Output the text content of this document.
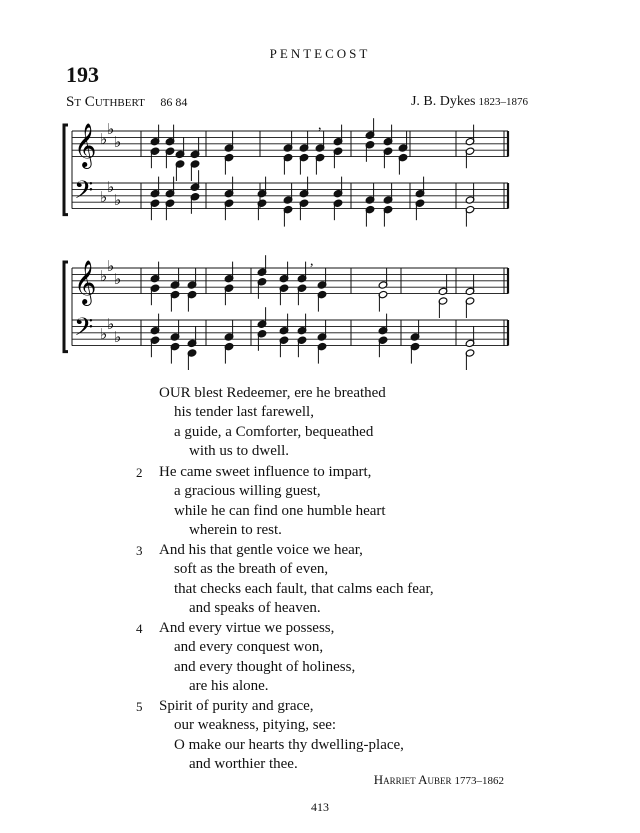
PENTECOST
193
St Cuthbert 86 84	J. B. Dykes 1823–1876
𝄞 ♭
♭
♭
𝄢 ♭
♭
♭
𝄞 ♭
♭
♭
𝄢 ♭
♭
♭
,
,
OUR blest Redeemer, ere he breathed
his tender last farewell,
a guide, a Comforter, bequeathed
with us to dwell.
2 He came sweet influence to impart,
a gracious willing guest,
while he can find one humble heart
wherein to rest.
3 And his that gentle voice we hear,
soft as the breath of even,
that checks each fault, that calms each fear,
and speaks of heaven.
4 And every virtue we possess,
and every conquest won,
and every thought of holiness,
are his alone.
5 Spirit of purity and grace,
our weakness, pitying, see:
O make our hearts thy dwelling-place,
and worthier thee.
Harriet Auber 1773–1862
413
